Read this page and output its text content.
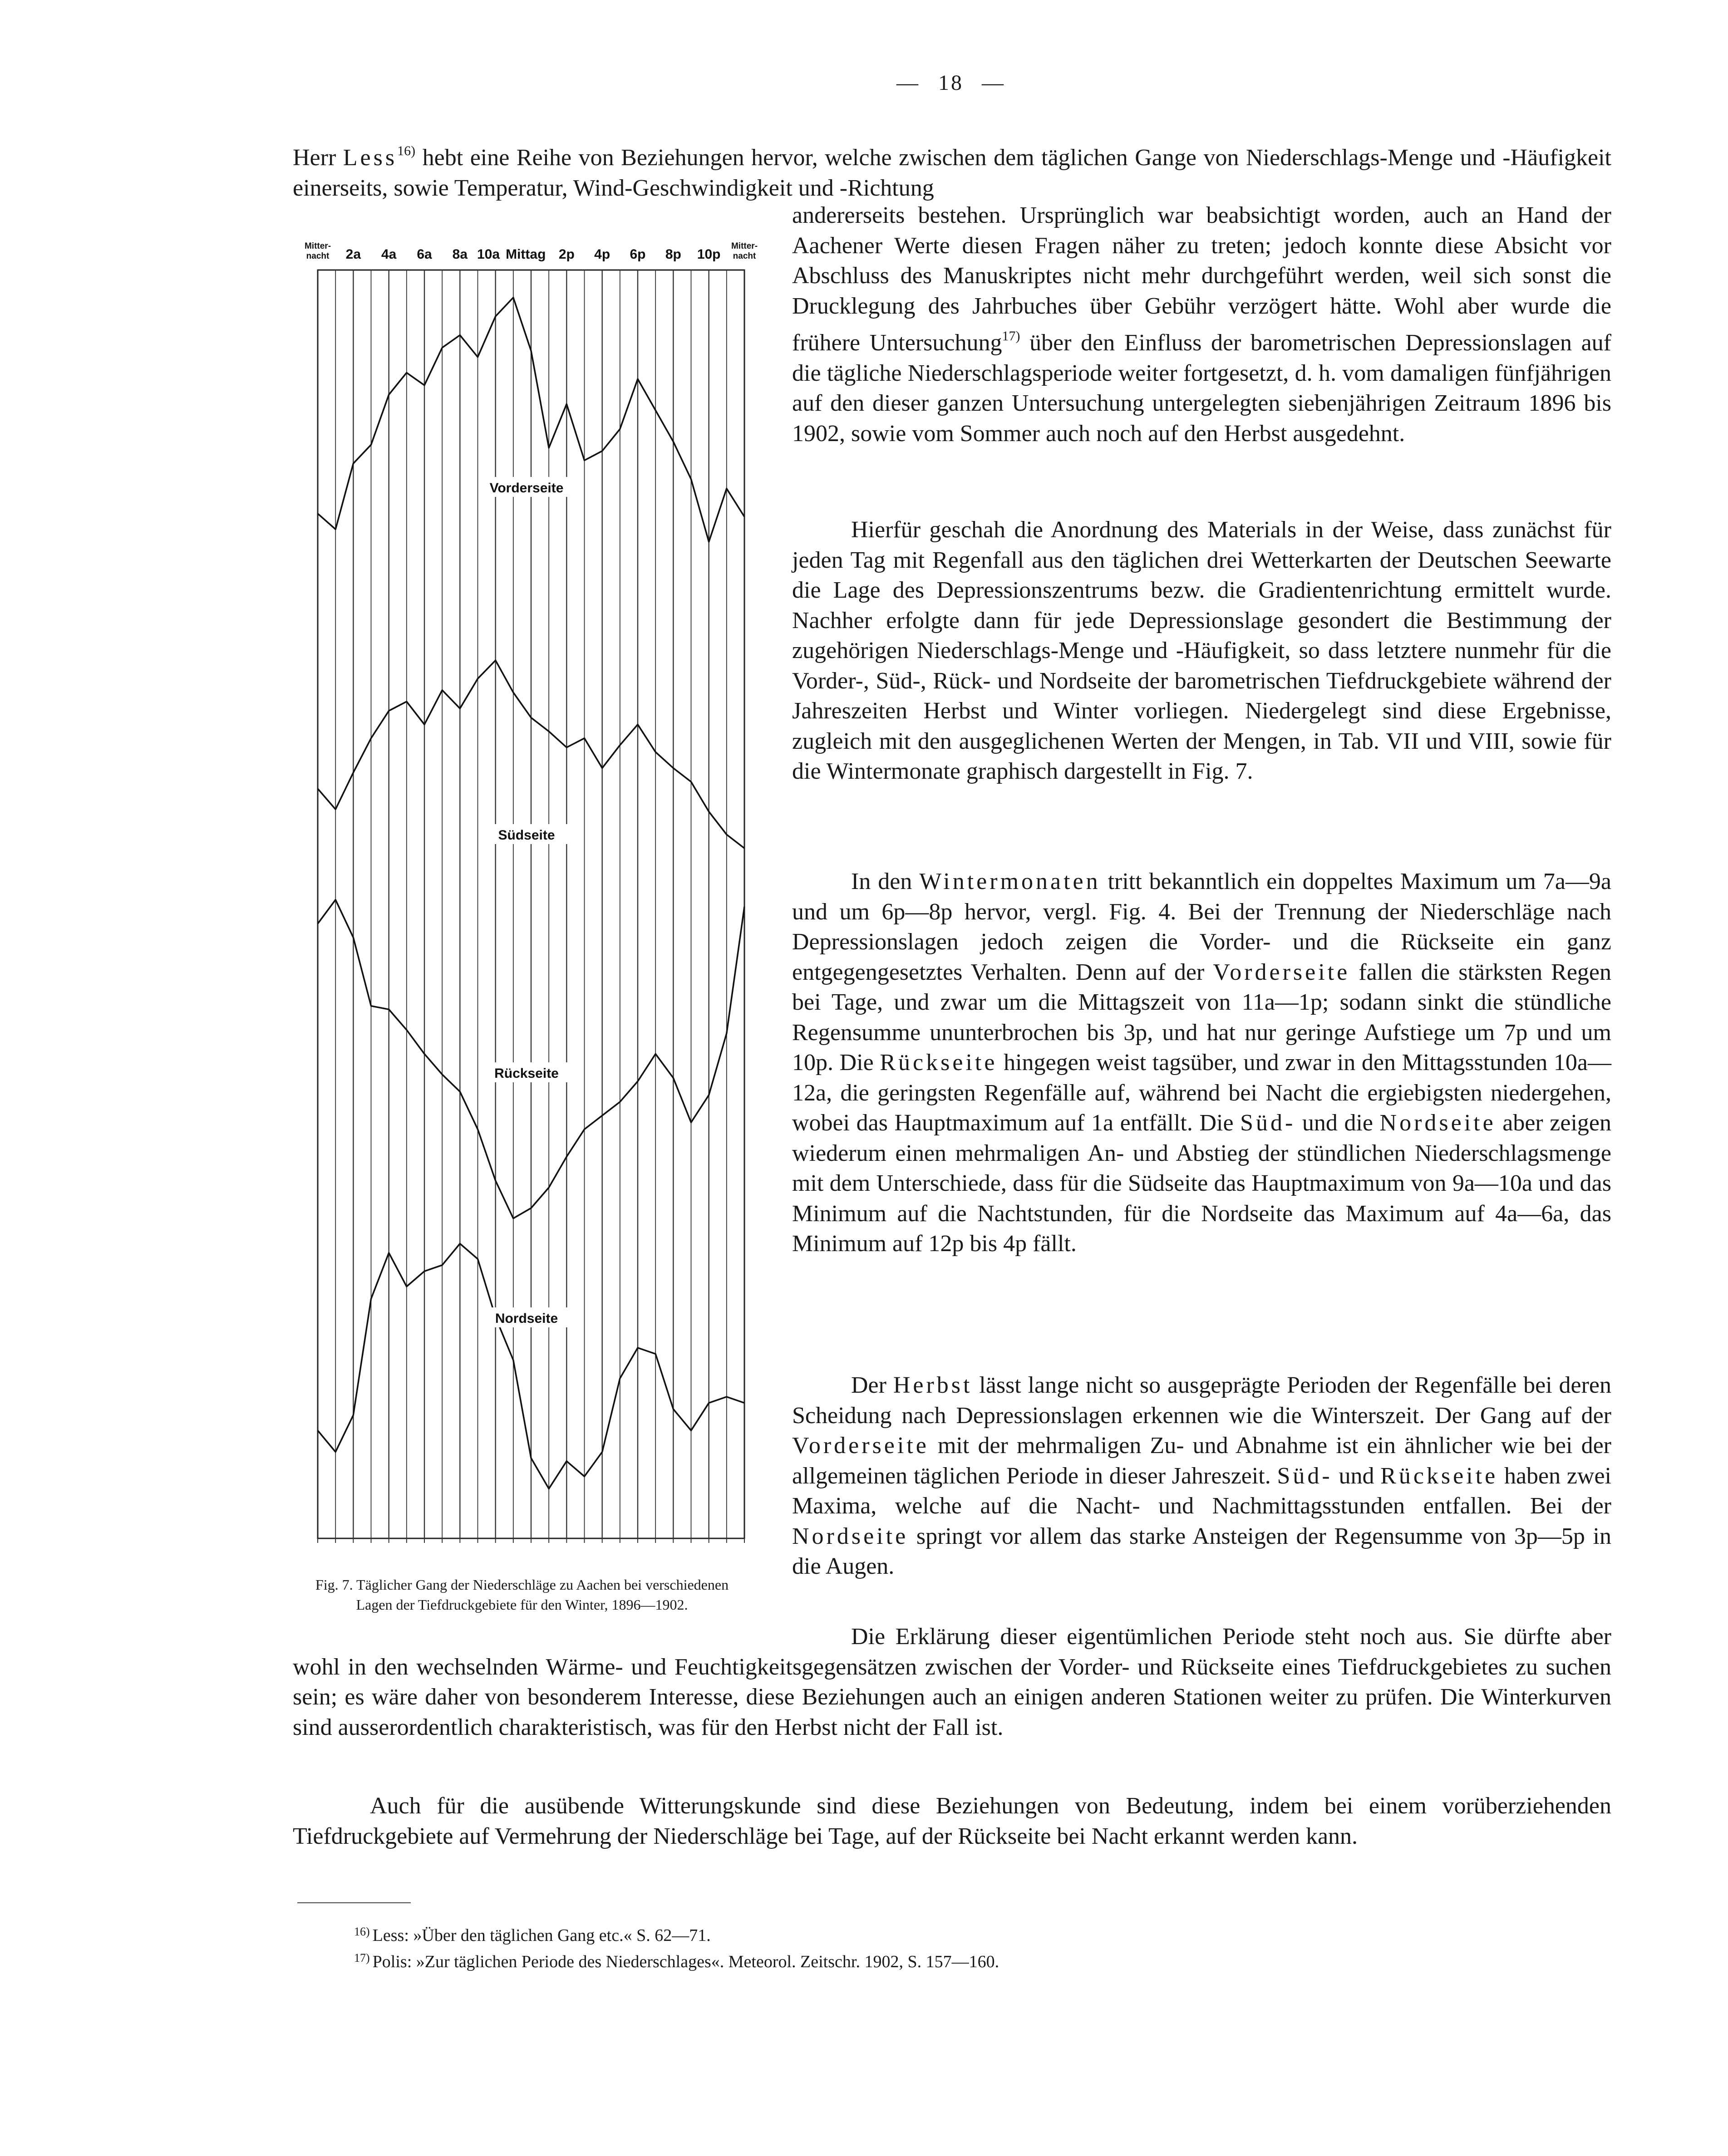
— 18 —

Herr Less$^{16)}$ hebt eine Reihe von Beziehungen hervor, welche zwischen dem täglichen Gange von Niederschlags-Menge und -Häufigkeit einerseits, sowie Temperatur, Wind-Geschwindigkeit und -Richtung

andererseits bestehen. Ursprünglich war beabsichtigt worden, auch an Hand der Aachener Werte diesen Fragen näher zu treten; jedoch konnte diese Absicht vor Abschluss des Manuskriptes nicht mehr durchgeführt werden, weil sich sonst die Drucklegung des Jahrbuches über Gebühr verzögert hätte. Wohl aber wurde die frühere Untersuchung$^{17)}$ über den Einfluss der barometrischen Depressionslagen auf die tägliche Niederschlagsperiode weiter fortgesetzt, d. h. vom damaligen fünfjährigen auf den dieser ganzen Untersuchung untergelegten siebenjährigen Zeitraum 1896 bis 1902, sowie vom Sommer auch noch auf den Herbst ausgedehnt.

Hierfür geschah die Anordnung des Materials in der Weise, dass zunächst für jeden Tag mit Regenfall aus den täglichen drei Wetterkarten der Deutschen Seewarte die Lage des Depressionszentrums bezw. die Gradientenrichtung ermittelt wurde. Nachher erfolgte dann für jede Depressionslage gesondert die Bestimmung der zugehörigen Niederschlags-Menge und -Häufigkeit, so dass letztere nunmehr für die Vorder-, Süd-, Rück- und Nordseite der barometrischen Tiefdruckgebiete während der Jahreszeiten Herbst und Winter vorliegen. Niedergelegt sind diese Ergebnisse, zugleich mit den ausgeglichenen Werten der Mengen, in Tab. VII und VIII, sowie für die Wintermonate graphisch dargestellt in Fig. 7.

In den Wintermonaten tritt bekanntlich ein doppeltes Maximum um 7a—9a und um 6p—8p hervor, vergl. Fig. 4. Bei der Trennung der Niederschläge nach Depressionslagen jedoch zeigen die Vorder- und die Rückseite ein ganz entgegengesetztes Verhalten. Denn auf der Vorderseite fallen die stärksten Regen bei Tage, und zwar um die Mittagszeit von 11a—1p; sodann sinkt die stündliche Regensumme ununterbrochen bis 3p, und hat nur geringe Aufstiege um 7p und um 10p. Die Rückseite hingegen weist tagsüber, und zwar in den Mittagsstunden 10a—12a, die geringsten Regenfälle auf, während bei Nacht die ergiebigsten niedergehen, wobei das Hauptmaximum auf 1a entfällt. Die Süd- und die Nordseite aber zeigen wiederum einen mehrmaligen An- und Abstieg der stündlichen Niederschlagsmenge mit dem Unterschiede, dass für die Südseite das Hauptmaximum von 9a—10a und das Minimum auf die Nachtstunden, für die Nordseite das Maximum auf 4a—6a, das Minimum auf 12p bis 4p fällt.

Der Herbst lässt lange nicht so ausgeprägte Perioden der Regenfälle bei deren Scheidung nach Depressionslagen erkennen wie die Winterszeit. Der Gang auf der Vorderseite mit der mehrmaligen Zu- und Abnahme ist ein ähnlicher wie bei der allgemeinen täglichen Periode in dieser Jahreszeit. Süd- und Rückseite haben zwei Maxima, welche auf die Nacht- und Nachmittagsstunden entfallen. Bei der Nordseite springt vor allem das starke Ansteigen der Regensumme von 3p—5p in die Augen.

Die Erklärung dieser eigentümlichen Periode steht noch aus. Sie dürfte aber wohl in den wechselnden Wärme- und Feuchtigkeitsgegensätzen zwischen der Vorder- und Rückseite eines Tiefdruckgebietes zu suchen sein; es wäre daher von besonderem Interesse, diese Beziehungen auch an einigen anderen Stationen weiter zu prüfen. Die Winterkurven sind ausserordentlich charakteristisch, was für den Herbst nicht der Fall ist.

Auch für die ausübende Witterungskunde sind diese Beziehungen von Bedeutung, indem bei einem vorüberziehenden Tiefdruckgebiete auf Vermehrung der Niederschläge bei Tage, auf der Rückseite bei Nacht erkannt werden kann.

Mitter-
nacht 2a 4a 6a 8a 10a Mittag 2p 4p 6p 8p 10p
Mitter-
nacht
Vorderseite
Südseite
Rückseite
Nordseite
Fig. 7. Täglicher Gang der Niederschläge zu Aachen bei verschiedenen Lagen der Tiefdruckgebiete für den Winter, 1896—1902.
$^{16)}$ Less: »Über den täglichen Gang etc.« S. 62—71.
$^{17)}$ Polis: »Zur täglichen Periode des Niederschlages«. Meteorol. Zeitschr. 1902, S. 157—160.
